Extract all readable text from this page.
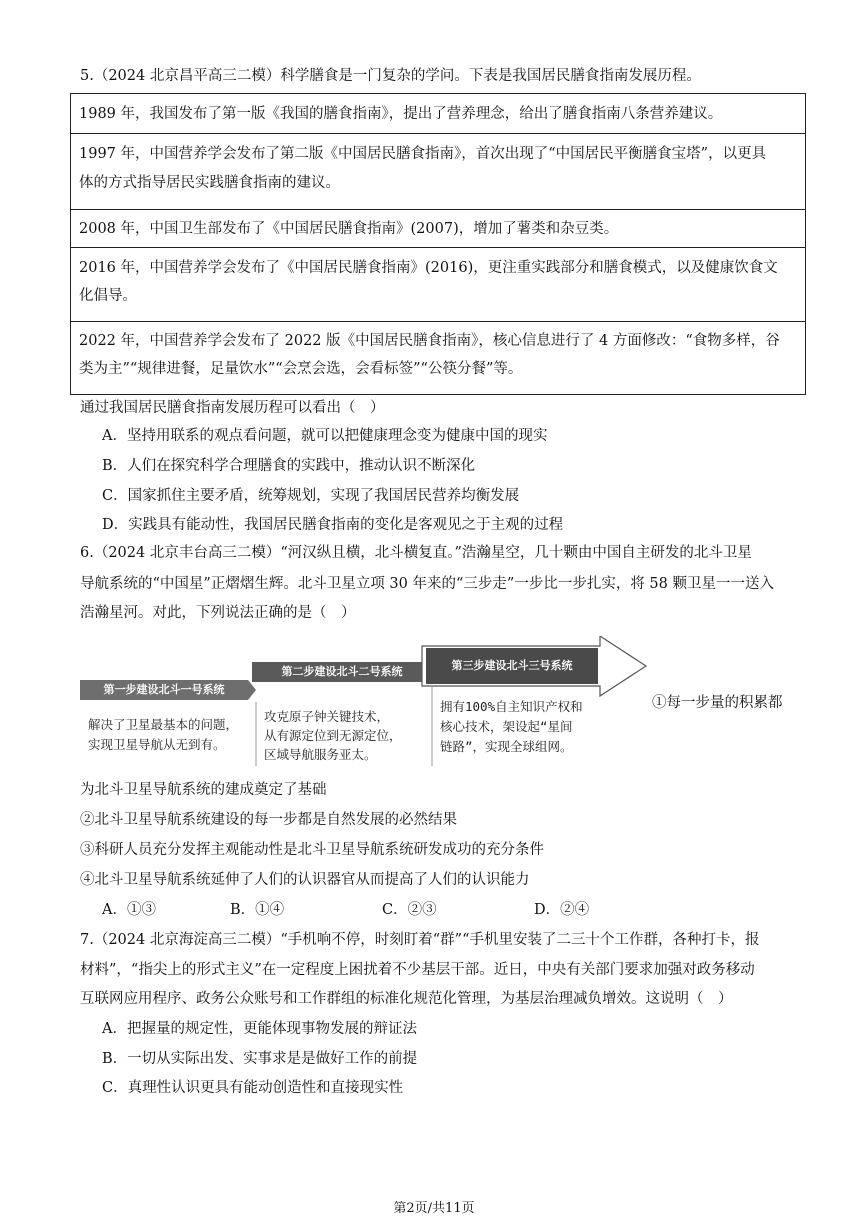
5.（2024 北京昌平高三二模）科学膳食是一门复杂的学问。下表是我国居民膳食指南发展历程。
1989 年，我国发布了第一版《我国的膳食指南》，提出了营养理念，给出了膳食指南八条营养建议。
1997 年，中国营养学会发布了第二版《中国居民膳食指南》，首次出现了“中国居民平衡膳食宝塔”，以更具
体的方式指导居民实践膳食指南的建议。
2008 年，中国卫生部发布了《中国居民膳食指南》(2007)，增加了薯类和杂豆类。
2016 年，中国营养学会发布了《中国居民膳食指南》(2016)，更注重实践部分和膳食模式，以及健康饮食文
化倡导。
2022 年，中国营养学会发布了 2022 版《中国居民膳食指南》，核心信息进行了 4 方面修改：“食物多样，谷
类为主”“规律进餐，足量饮水”“会烹会选，会看标签”“公筷分餐”等。
通过我国居民膳食指南发展历程可以看出（　）
A．坚持用联系的观点看问题，就可以把健康理念变为健康中国的现实
B．人们在探究科学合理膳食的实践中，推动认识不断深化
C．国家抓住主要矛盾，统筹规划，实现了我国居民营养均衡发展
D．实践具有能动性，我国居民膳食指南的变化是客观见之于主观的过程
6.（2024 北京丰台高三二模）“河汉纵且横，北斗横复直。”浩瀚星空，几十颗由中国自主研发的北斗卫星
导航系统的“中国星”正熠熠生辉。北斗卫星立项 30 年来的“三步走”一步比一步扎实，将 58 颗卫星一一送入
浩瀚星河。对此，下列说法正确的是（　）
第一步建设北斗一号系统
第二步建设北斗二号系统	第三步建设北斗三号系统
解决了卫星最基本的问题，
实现卫星导航从无到有。
攻克原子钟关键技术，
从有源定位到无源定位，
区域导航服务亚太。
拥有100%自主知识产权和
核心技术，架设起“星间
链路”，实现全球组网。
①每一步量的积累都
为北斗卫星导航系统的建成奠定了基础
②北斗卫星导航系统建设的每一步都是自然发展的必然结果
③科研人员充分发挥主观能动性是北斗卫星导航系统研发成功的充分条件
④北斗卫星导航系统延伸了人们的认识器官从而提高了人们的认识能力
A．①③	B．①④	C．②③	D．②④
7.（2024 北京海淀高三二模）“手机响不停，时刻盯着“群”“手机里安装了二三十个工作群，各种打卡，报
材料”，“指尖上的形式主义”在一定程度上困扰着不少基层干部。近日，中央有关部门要求加强对政务移动
互联网应用程序、政务公众账号和工作群组的标准化规范化管理，为基层治理减负增效。这说明（　）
A．把握量的规定性，更能体现事物发展的辩证法
B．一切从实际出发、实事求是是做好工作的前提
C．真理性认识更具有能动创造性和直接现实性
第2页/共11页
